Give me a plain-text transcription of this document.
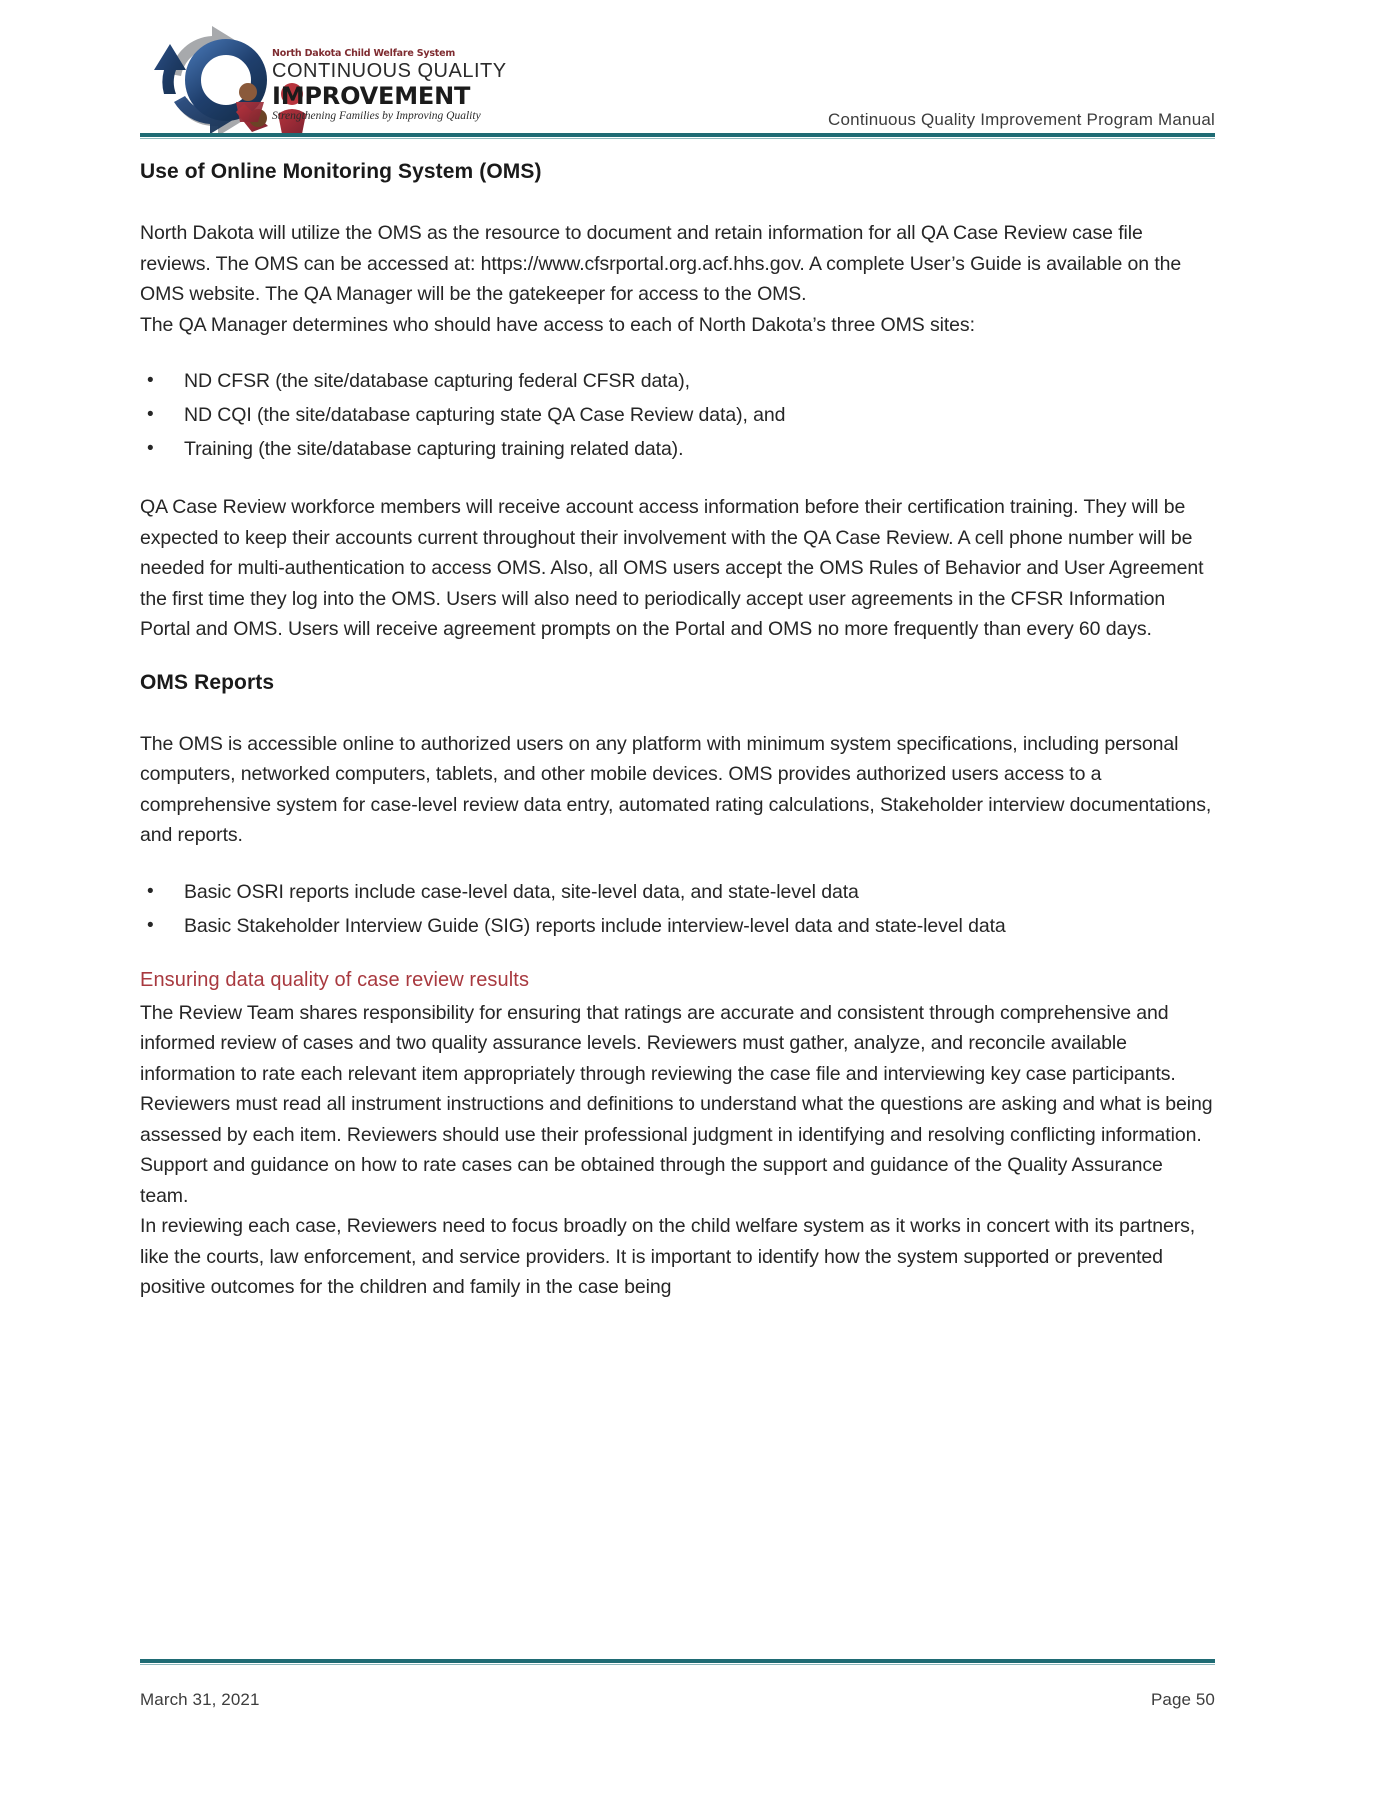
North Dakota Child Welfare System
CONTINUOUS QUALITY
IMPROVEMENT
Strengthening Families by Improving Quality	Continuous Quality Improvement Program Manual
Use of Online Monitoring System (OMS)

North Dakota will utilize the OMS as the resource to document and retain information for all QA Case Review case file reviews. The OMS can be accessed at: https://www.cfsrportal.org.acf.hhs.gov. A complete User’s Guide is available on the OMS website. The QA Manager will be the gatekeeper for access to the OMS.

The QA Manager determines who should have access to each of North Dakota’s three OMS sites:

• ND CFSR (the site/database capturing federal CFSR data),
• ND CQI (the site/database capturing state QA Case Review data), and
• Training (the site/database capturing training related data).

QA Case Review workforce members will receive account access information before their certification training. They will be expected to keep their accounts current throughout their involvement with the QA Case Review. A cell phone number will be needed for multi-authentication to access OMS. Also, all OMS users accept the OMS Rules of Behavior and User Agreement the first time they log into the OMS. Users will also need to periodically accept user agreements in the CFSR Information Portal and OMS. Users will receive agreement prompts on the Portal and OMS no more frequently than every 60 days.

OMS Reports

The OMS is accessible online to authorized users on any platform with minimum system specifications, including personal computers, networked computers, tablets, and other mobile devices. OMS provides authorized users access to a comprehensive system for case-level review data entry, automated rating calculations, Stakeholder interview documentations, and reports.

• Basic OSRI reports include case-level data, site-level data, and state-level data
• Basic Stakeholder Interview Guide (SIG) reports include interview-level data and state-level data
Ensuring data quality of case review results

The Review Team shares responsibility for ensuring that ratings are accurate and consistent through comprehensive and informed review of cases and two quality assurance levels. Reviewers must gather, analyze, and reconcile available information to rate each relevant item appropriately through reviewing the case file and interviewing key case participants. Reviewers must read all instrument instructions and definitions to understand what the questions are asking and what is being assessed by each item. Reviewers should use their professional judgment in identifying and resolving conflicting information. Support and guidance on how to rate cases can be obtained through the support and guidance of the Quality Assurance team.

In reviewing each case, Reviewers need to focus broadly on the child welfare system as it works in concert with its partners, like the courts, law enforcement, and service providers. It is important to identify how the system supported or prevented positive outcomes for the children and family in the case being

March 31, 2021	Page 50
